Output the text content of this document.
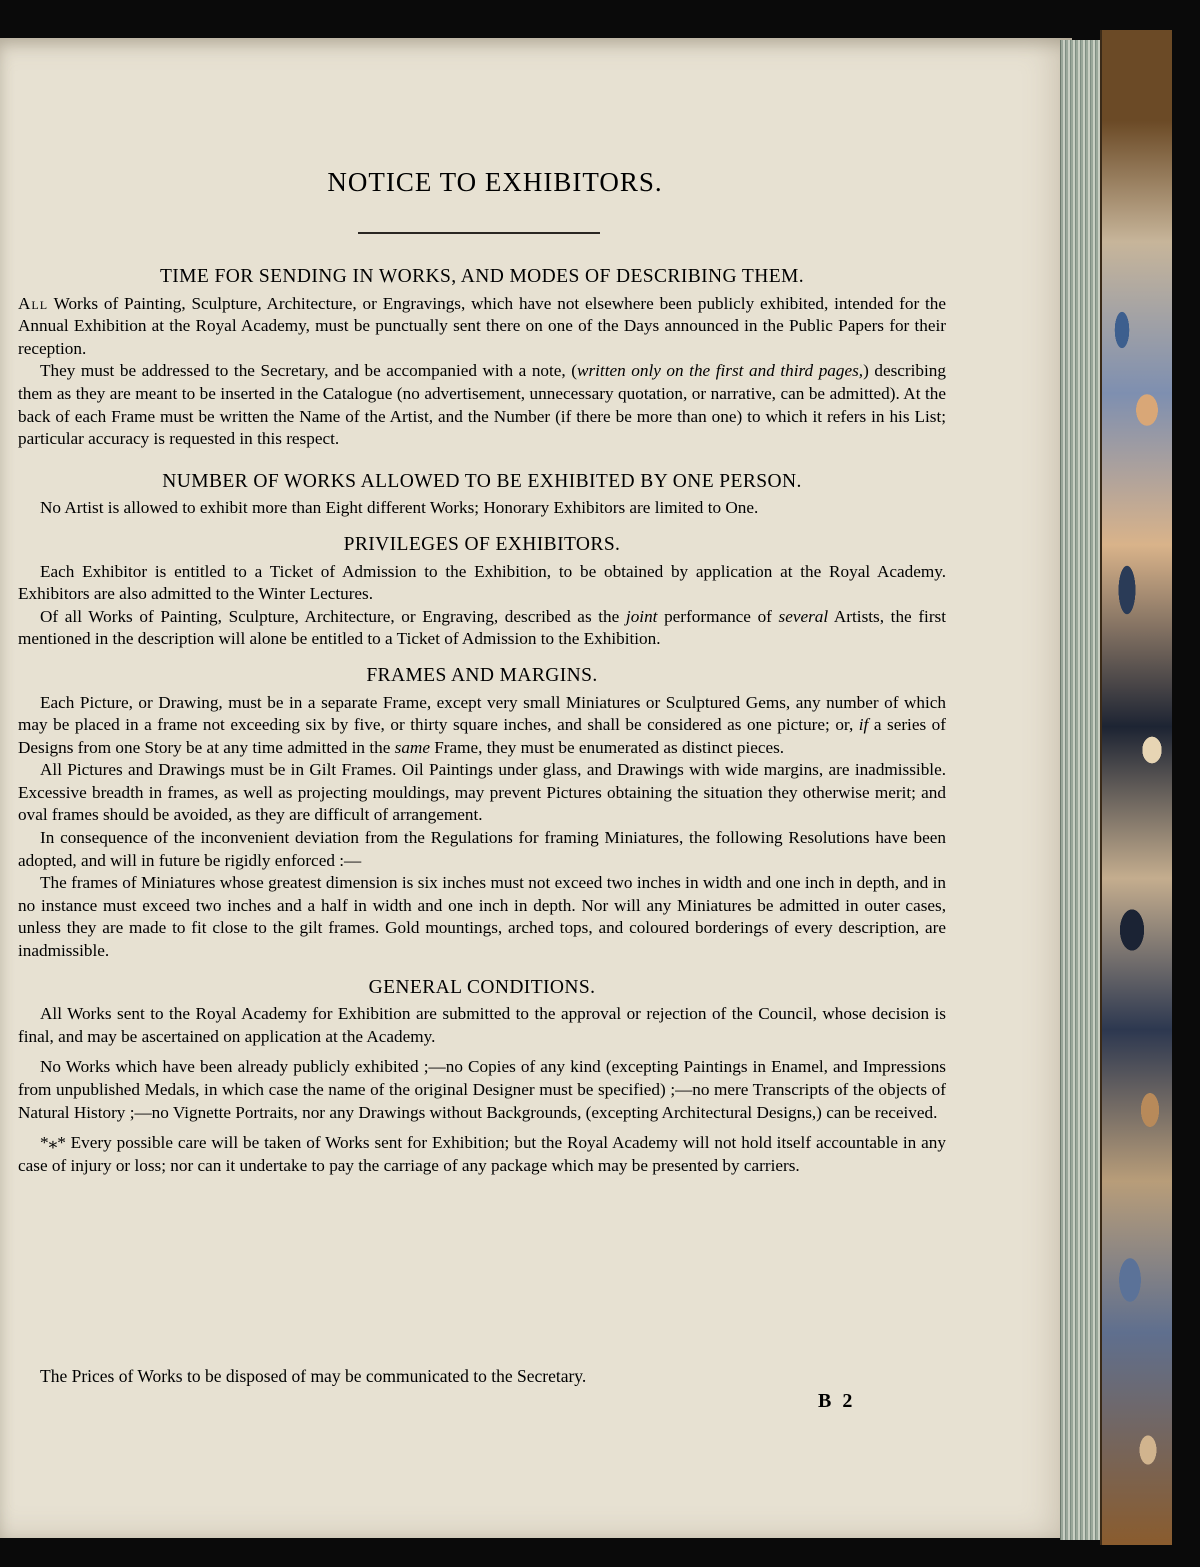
NOTICE TO EXHIBITORS.
TIME FOR SENDING IN WORKS, AND MODES OF DESCRIBING THEM.

All Works of Painting, Sculpture, Architecture, or Engravings, which have not elsewhere been publicly exhibited, intended for the Annual Exhibition at the Royal Academy, must be punctually sent there on one of the Days announced in the Public Papers for their reception.

They must be addressed to the Secretary, and be accompanied with a note, (written only on the first and third pages,) describing them as they are meant to be inserted in the Catalogue (no advertisement, unnecessary quotation, or narrative, can be admitted). At the back of each Frame must be written the Name of the Artist, and the Number (if there be more than one) to which it refers in his List; particular accuracy is requested in this respect.

NUMBER OF WORKS ALLOWED TO BE EXHIBITED BY ONE PERSON.

No Artist is allowed to exhibit more than Eight different Works; Honorary Exhibitors are limited to One.

PRIVILEGES OF EXHIBITORS.

Each Exhibitor is entitled to a Ticket of Admission to the Exhibition, to be obtained by application at the Royal Academy. Exhibitors are also admitted to the Winter Lectures.

Of all Works of Painting, Sculpture, Architecture, or Engraving, described as the joint performance of several Artists, the first mentioned in the description will alone be entitled to a Ticket of Admission to the Exhibition.

FRAMES AND MARGINS.

Each Picture, or Drawing, must be in a separate Frame, except very small Miniatures or Sculptured Gems, any number of which may be placed in a frame not exceeding six by five, or thirty square inches, and shall be considered as one picture; or, if a series of Designs from one Story be at any time admitted in the same Frame, they must be enumerated as distinct pieces.

All Pictures and Drawings must be in Gilt Frames. Oil Paintings under glass, and Drawings with wide margins, are inadmissible. Excessive breadth in frames, as well as projecting mouldings, may prevent Pictures obtaining the situation they otherwise merit; and oval frames should be avoided, as they are difficult of arrangement.

In consequence of the inconvenient deviation from the Regulations for framing Miniatures, the following Resolutions have been adopted, and will in future be rigidly enforced :—

The frames of Miniatures whose greatest dimension is six inches must not exceed two inches in width and one inch in depth, and in no instance must exceed two inches and a half in width and one inch in depth. Nor will any Miniatures be admitted in outer cases, unless they are made to fit close to the gilt frames. Gold mountings, arched tops, and coloured borderings of every description, are inadmissible.

GENERAL CONDITIONS.

All Works sent to the Royal Academy for Exhibition are submitted to the approval or rejection of the Council, whose decision is final, and may be ascertained on application at the Academy.

No Works which have been already publicly exhibited ;—no Copies of any kind (excepting Paintings in Enamel, and Impressions from unpublished Medals, in which case the name of the original Designer must be specified) ;—no mere Transcripts of the objects of Natural History ;—no Vignette Portraits, nor any Drawings without Backgrounds, (excepting Architectural Designs,) can be received.

*⁎* Every possible care will be taken of Works sent for Exhibition; but the Royal Academy will not hold itself accountable in any case of injury or loss; nor can it undertake to pay the carriage of any package which may be presented by carriers.

The Prices of Works to be disposed of may be communicated to the Secretary.
B 2
